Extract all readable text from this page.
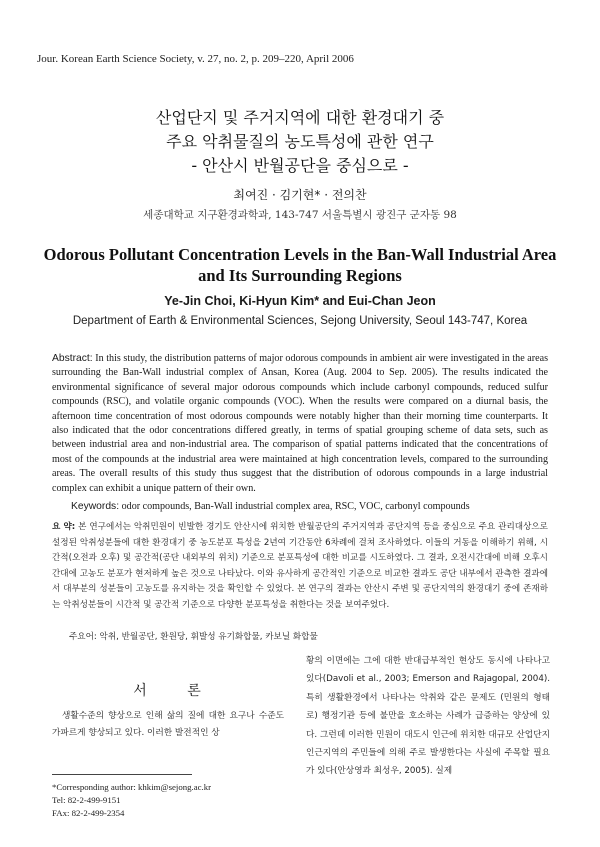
Jour. Korean Earth Science Society, v. 27, no. 2, p. 209–220, April 2006
산업단지 및 주거지역에 대한 환경대기 중
주요 악취물질의 농도특성에 관한 연구
- 안산시 반월공단을 중심으로 -
최여진 · 김기현* · 전의찬
세종대학교 지구환경과학과, 143-747 서울특별시 광진구 군자동 98
Odorous Pollutant Concentration Levels in the Ban-Wall Industrial Area
and Its Surrounding Regions
Ye-Jin Choi, Ki-Hyun Kim* and Eui-Chan Jeon
Department of Earth & Environmental Sciences, Sejong University, Seoul 143-747, Korea
Abstract: In this study, the distribution patterns of major odorous compounds in ambient air were investigated in the areas surrounding the Ban-Wall industrial complex of Ansan, Korea (Aug. 2004 to Sep. 2005). The results indicated the environmental significance of several major odorous compounds which include carbonyl compounds, reduced sulfur compounds (RSC), and volatile organic compounds (VOC). When the results were compared on a diurnal basis, the afternoon time concentration of most odorous compounds were notably higher than their morning time counterparts. It also indicated that the odor concentrations differed greatly, in terms of spatial grouping scheme of data sets, such as between industrial area and non-industrial area. The comparison of spatial patterns indicated that the concentrations of most of the compounds at the industrial area were maintained at high concentration levels, compared to the surrounding areas. The overall results of this study thus suggest that the distribution of odorous compounds in a large industrial complex can exhibit a unique pattern of their own.
Keywords: odor compounds, Ban-Wall industrial complex area, RSC, VOC, carbonyl compounds
요 약: 본 연구에서는 악취민원이 빈발한 경기도 안산시에 위치한 반월공단의 주거지역과 공단지역 등을 중심으로 주요 관리대상으로 설정된 악취성분들에 대한 환경대기 중 농도분포 특성을 2년여 기간동안 6차례에 걸쳐 조사하였다. 이들의 거동을 이해하기 위해, 시간적(오전과 오후) 및 공간적(공단 내외부의 위치) 기준으로 분포특성에 대한 비교를 시도하였다. 그 결과, 오전시간대에 비해 오후시간대에 고농도 분포가 현저하게 높은 것으로 나타났다. 이와 유사하게 공간적인 기준으로 비교한 결과도 공단 내부에서 관측한 결과에서 대부분의 성분들이 고농도를 유지하는 것을 확인할 수 있었다. 본 연구의 결과는 안산시 주변 및 공단지역의 환경대기 중에 존재하는 악취성분들이 시간적 및 공간적 기준으로 다양한 분포특성을 취한다는 것을 보여주었다.
주요어: 악취, 반월공단, 환원당, 휘발성 유기화합물, 카보닐 화합물
서 론
생활수준의 향상으로 인해 삶의 질에 대한 요구나 수준도 가파르게 향상되고 있다. 이러한 발전적인 상
*Corresponding author: khkim@sejong.ac.kr
Tel: 82-2-499-9151
FAx: 82-2-499-2354
황의 이면에는 그에 대한 반대급부적인 현상도 동시에 나타나고 있다(Davoli et al., 2003; Emerson and Rajagopal, 2004). 특히 생활환경에서 나타나는 악취와 같은 문제도 (민원의 형태로) 행정기관 등에 불만을 호소하는 사례가 급증하는 양상에 있다. 그런데 이러한 민원이 대도시 인근에 위치한 대규모 산업단지 인근지역의 주민들에 의해 주로 발생한다는 사실에 주목할 필요가 있다(안상영과 최성우, 2005). 실제
